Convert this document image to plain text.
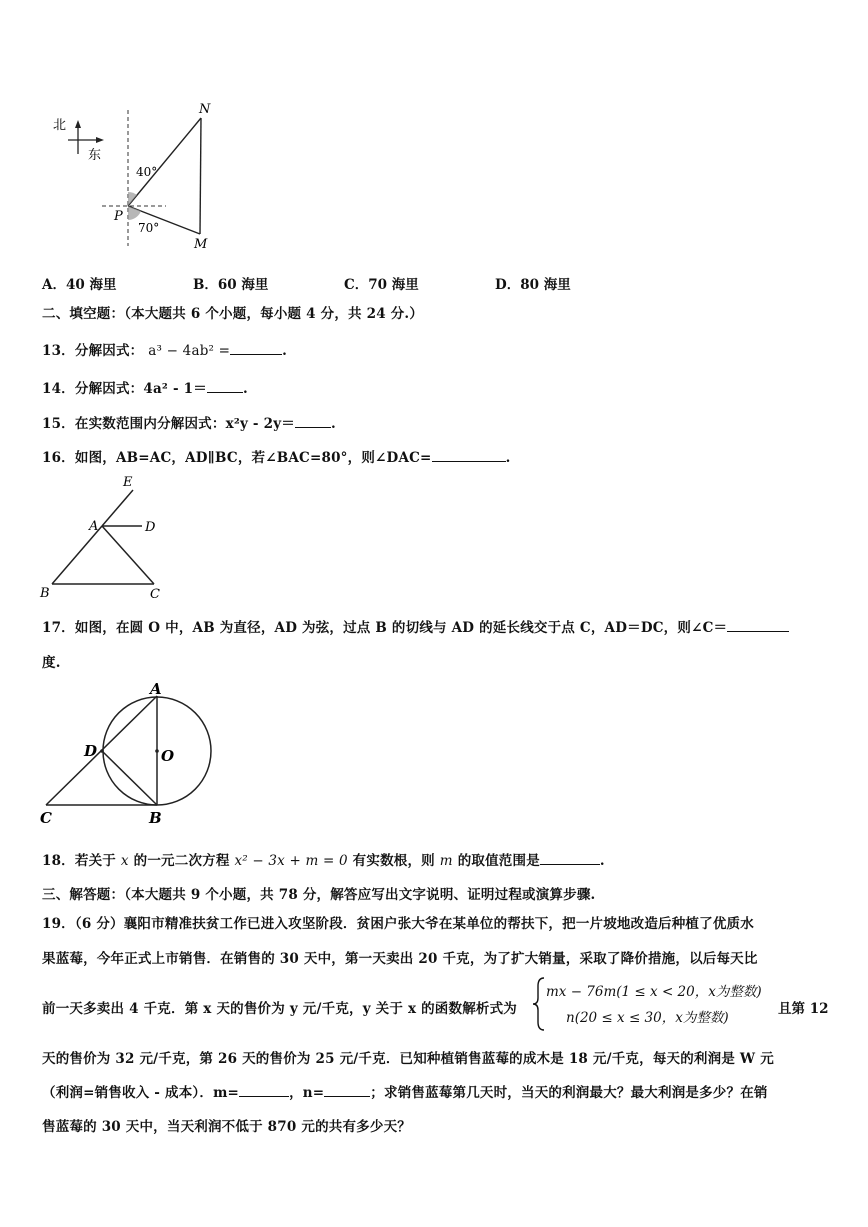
北
东
40°
70°
P
N
M
A．40 海里	B．60 海里	C．70 海里	D．80 海里
二、填空题：（本大题共 6 个小题，每小题 4 分，共 24 分.）
13．分解因式： a³ − 4ab² =	.
14．分解因式：4a² ‐ 1＝	.
15．在实数范围内分解因式：x²y ‐ 2y＝	.
16．如图，AB=AC，AD∥BC，若∠BAC=80°，则∠DAC=	.
E
A	D
B	C
17．如图，在圆 O 中，AB 为直径，AD 为弦，过点 B 的切线与 AD 的延长线交于点 C，AD＝DC，则∠C＝
度.
A
D	O
C	B
18．若关于 x 的一元二次方程 x² − 3x + m = 0 有实数根，则 m 的取值范围是	.
三、解答题：（本大题共 9 个小题，共 78 分，解答应写出文字说明、证明过程或演算步骤.
19．（6 分）襄阳市精准扶贫工作已进入攻坚阶段．贫困户张大爷在某单位的帮扶下，把一片坡地改造后种植了优质水
果蓝莓，今年正式上市销售．在销售的 30 天中，第一天卖出 20 千克，为了扩大销量，采取了降价措施，以后每天比
前一天多卖出 4 千克．第 x 天的售价为 y 元/千克，y 关于 x 的函数解析式为
mx − 76m(1 ≤ x < 20，x为整数)
n(20 ≤ x ≤ 30，x为整数)
且第 12
天的售价为 32 元/千克，第 26 天的售价为 25 元/千克．已知种植销售蓝莓的成木是 18 元/千克，每天的利润是 W 元
（利润=销售收入 ‐ 成本）．m=	，n=	；求销售蓝莓第几天时，当天的利润最大？最大利润是多少？在销
售蓝莓的 30 天中，当天利润不低于 870 元的共有多少天？
